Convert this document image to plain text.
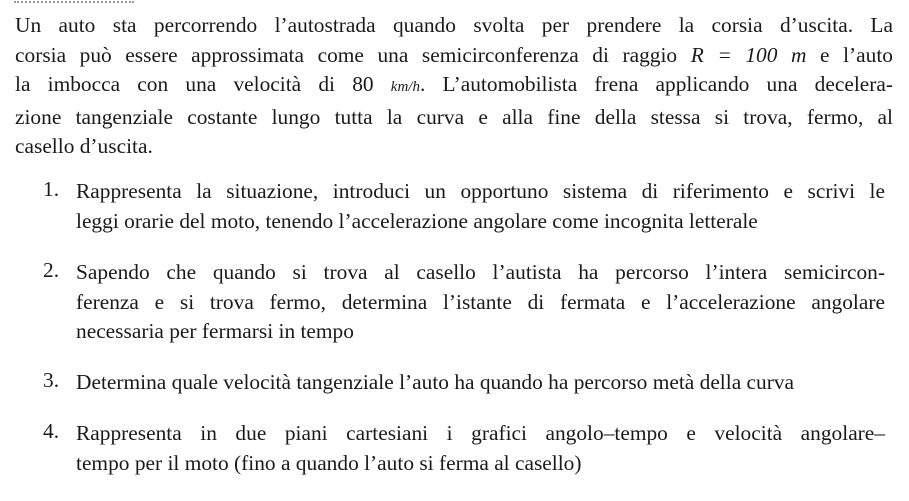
Un auto sta percorrendo l’autostrada quando svolta per prendere la corsia d’uscita. La
corsia può essere approssimata come una semicirconferenza di raggio R = 100 m e l’auto
la imbocca con una velocità di 80 km/h. L’automobilista frena applicando una decelera-
zione tangenziale costante lungo tutta la curva e alla fine della stessa si trova, fermo, al
casello d’uscita.
1. Rappresenta la situazione, introduci un opportuno sistema di riferimento e scrivi le
leggi orarie del moto, tenendo l’accelerazione angolare come incognita letterale
2. Sapendo che quando si trova al casello l’autista ha percorso l’intera semicircon-
ferenza e si trova fermo, determina l’istante di fermata e l’accelerazione angolare
necessaria per fermarsi in tempo
3. Determina quale velocità tangenziale l’auto ha quando ha percorso metà della curva
4. Rappresenta in due piani cartesiani i grafici angolo–tempo e velocità angolare–
tempo per il moto (fino a quando l’auto si ferma al casello)
